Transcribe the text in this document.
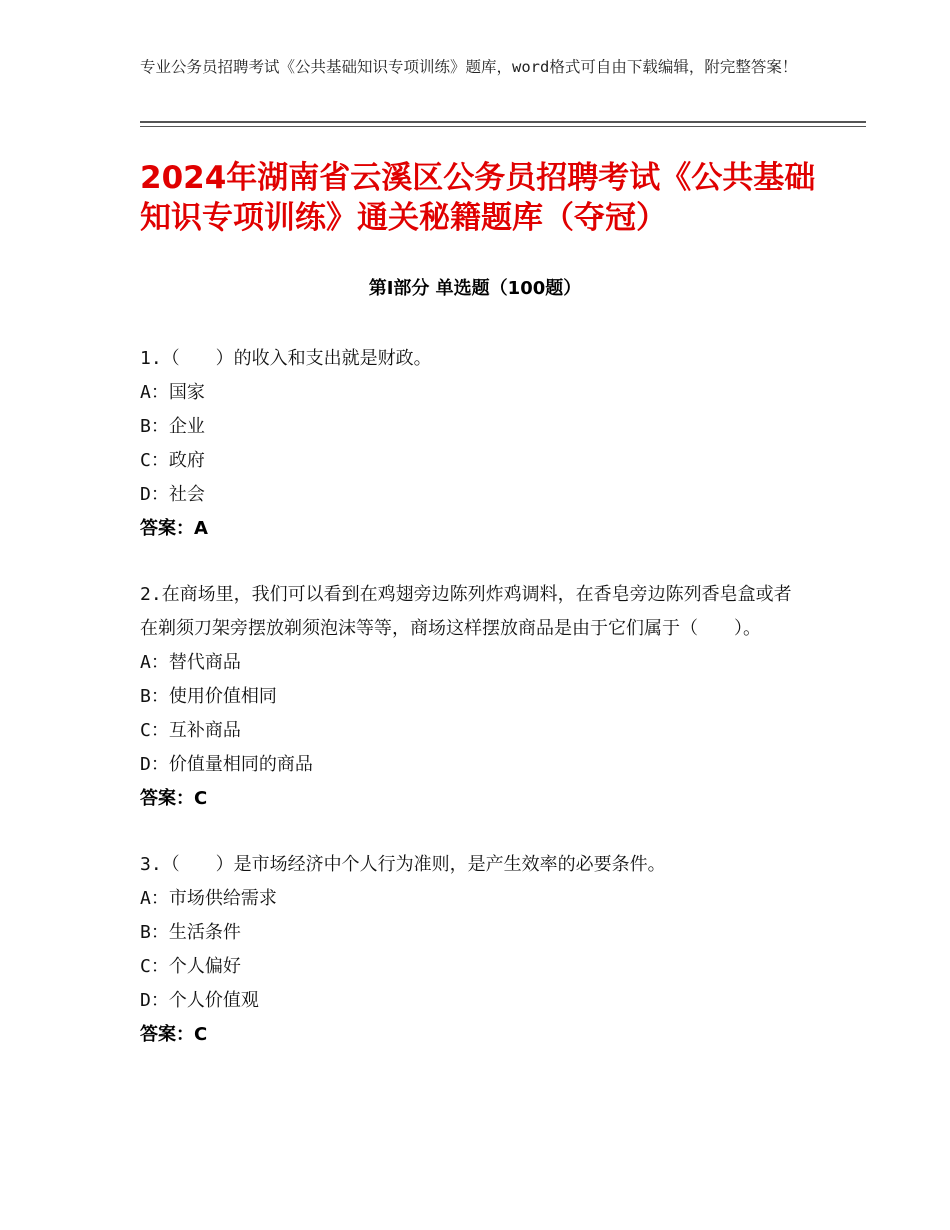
专业公务员招聘考试《公共基础知识专项训练》题库，word格式可自由下载编辑，附完整答案！
2024年湖南省云溪区公务员招聘考试《公共基础知识专项训练》通关秘籍题库（夺冠）
第Ⅰ部分 单选题（100题）
1.（　　）的收入和支出就是财政。
A：国家
B：企业
C：政府
D：社会
答案：A
2.在商场里，我们可以看到在鸡翅旁边陈列炸鸡调料，在香皂旁边陈列香皂盒或者在剃须刀架旁摆放剃须泡沫等等，商场这样摆放商品是由于它们属于（　　）。
A：替代商品
B：使用价值相同
C：互补商品
D：价值量相同的商品
答案：C
3.（　　）是市场经济中个人行为准则，是产生效率的必要条件。
A：市场供给需求
B：生活条件
C：个人偏好
D：个人价值观
答案：C
